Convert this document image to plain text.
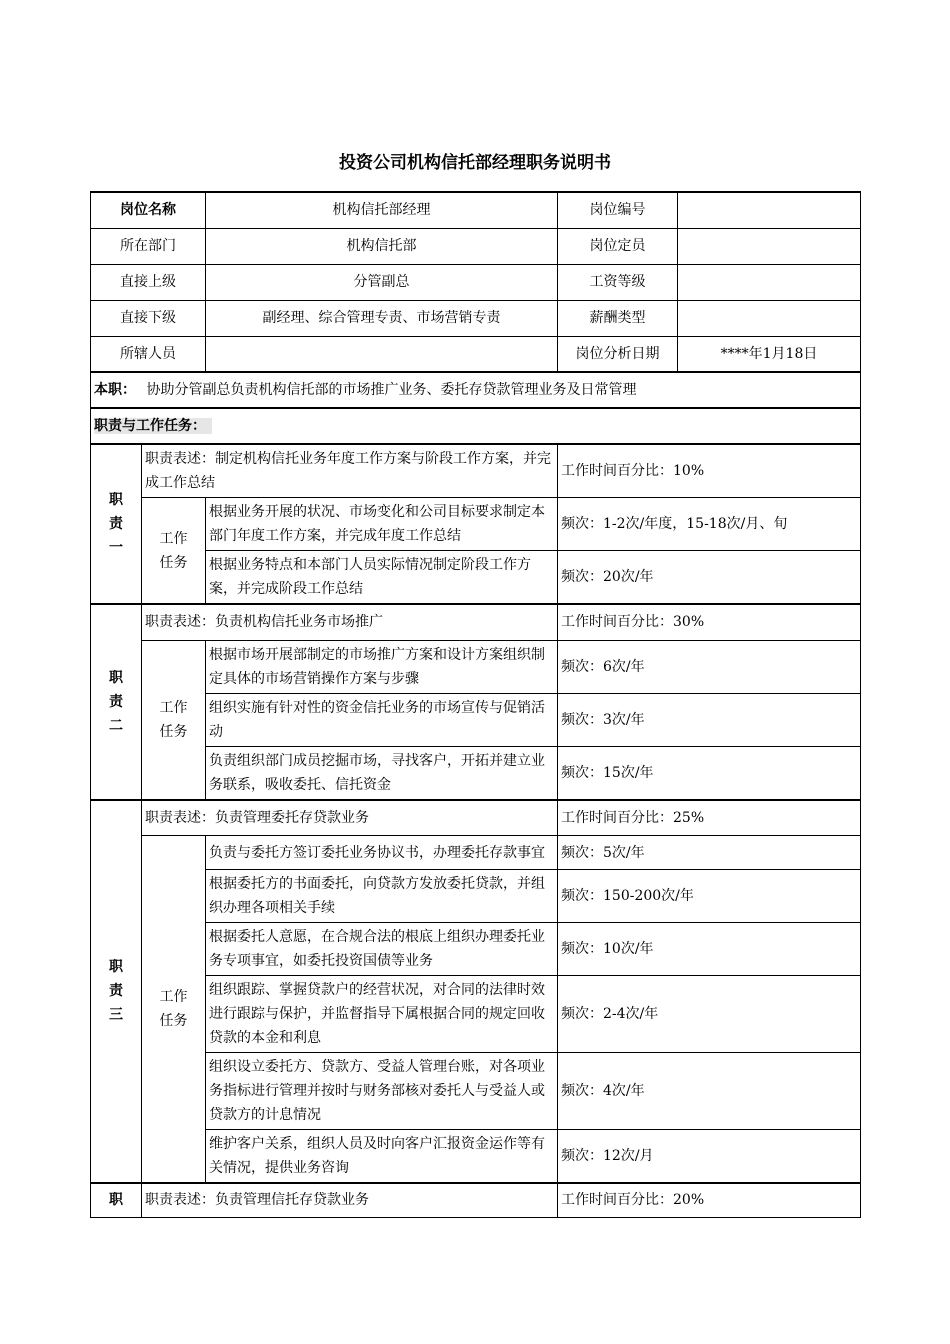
投资公司机构信托部经理职务说明书
岗位名称		机构信托部经理	岗位编号	
所在部门		机构信托部	岗位定员	
直接上级		分管副总	工资等级	
直接下级		副经理、综合管理专责、市场营销专责	薪酬类型	
所辖人员			岗位分析日期	****年1月18日
本职： 协助分管副总负责机构信托部的市场推广业务、委托存贷款管理业务及日常管理				
职责与工作任务：				
职责一	职责表述：制定机构信托业务年度工作方案与阶段工作方案，并完成工作总结		工作时间百分比：10%	
	工作任务	根据业务开展的状况、市场变化和公司目标要求制定本部门年度工作方案，并完成年度工作总结	频次：1-2次/年度，15-18次/月、旬	
		根据业务特点和本部门人员实际情况制定阶段工作方案，并完成阶段工作总结	频次：20次/年	
职责二	职责表述：负责机构信托业务市场推广		工作时间百分比：30%	
	工作任务	根据市场开展部制定的市场推广方案和设计方案组织制定具体的市场营销操作方案与步骤	频次：6次/年	
		组织实施有针对性的资金信托业务的市场宣传与促销活动	频次：3次/年	
		负责组织部门成员挖掘市场，寻找客户，开拓并建立业务联系，吸收委托、信托资金	频次：15次/年	
职责三	职责表述：负责管理委托存贷款业务		工作时间百分比：25%	
	工作任务	负责与委托方签订委托业务协议书，办理委托存款事宜	频次：5次/年	
		根据委托方的书面委托，向贷款方发放委托贷款，并组织办理各项相关手续	频次：150-200次/年	
		根据委托人意愿，在合规合法的根底上组织办理委托业务专项事宜，如委托投资国债等业务	频次：10次/年	
		组织跟踪、掌握贷款户的经营状况，对合同的法律时效进行跟踪与保护，并监督指导下属根据合同的规定回收贷款的本金和利息	频次：2-4次/年	
		组织设立委托方、贷款方、受益人管理台账，对各项业务指标进行管理并按时与财务部核对委托人与受益人或贷款方的计息情况	频次：4次/年	
		维护客户关系，组织人员及时向客户汇报资金运作等有关情况，提供业务咨询	频次：12次/月	
职	职责表述：负责管理信托存贷款业务		工作时间百分比：20%	
